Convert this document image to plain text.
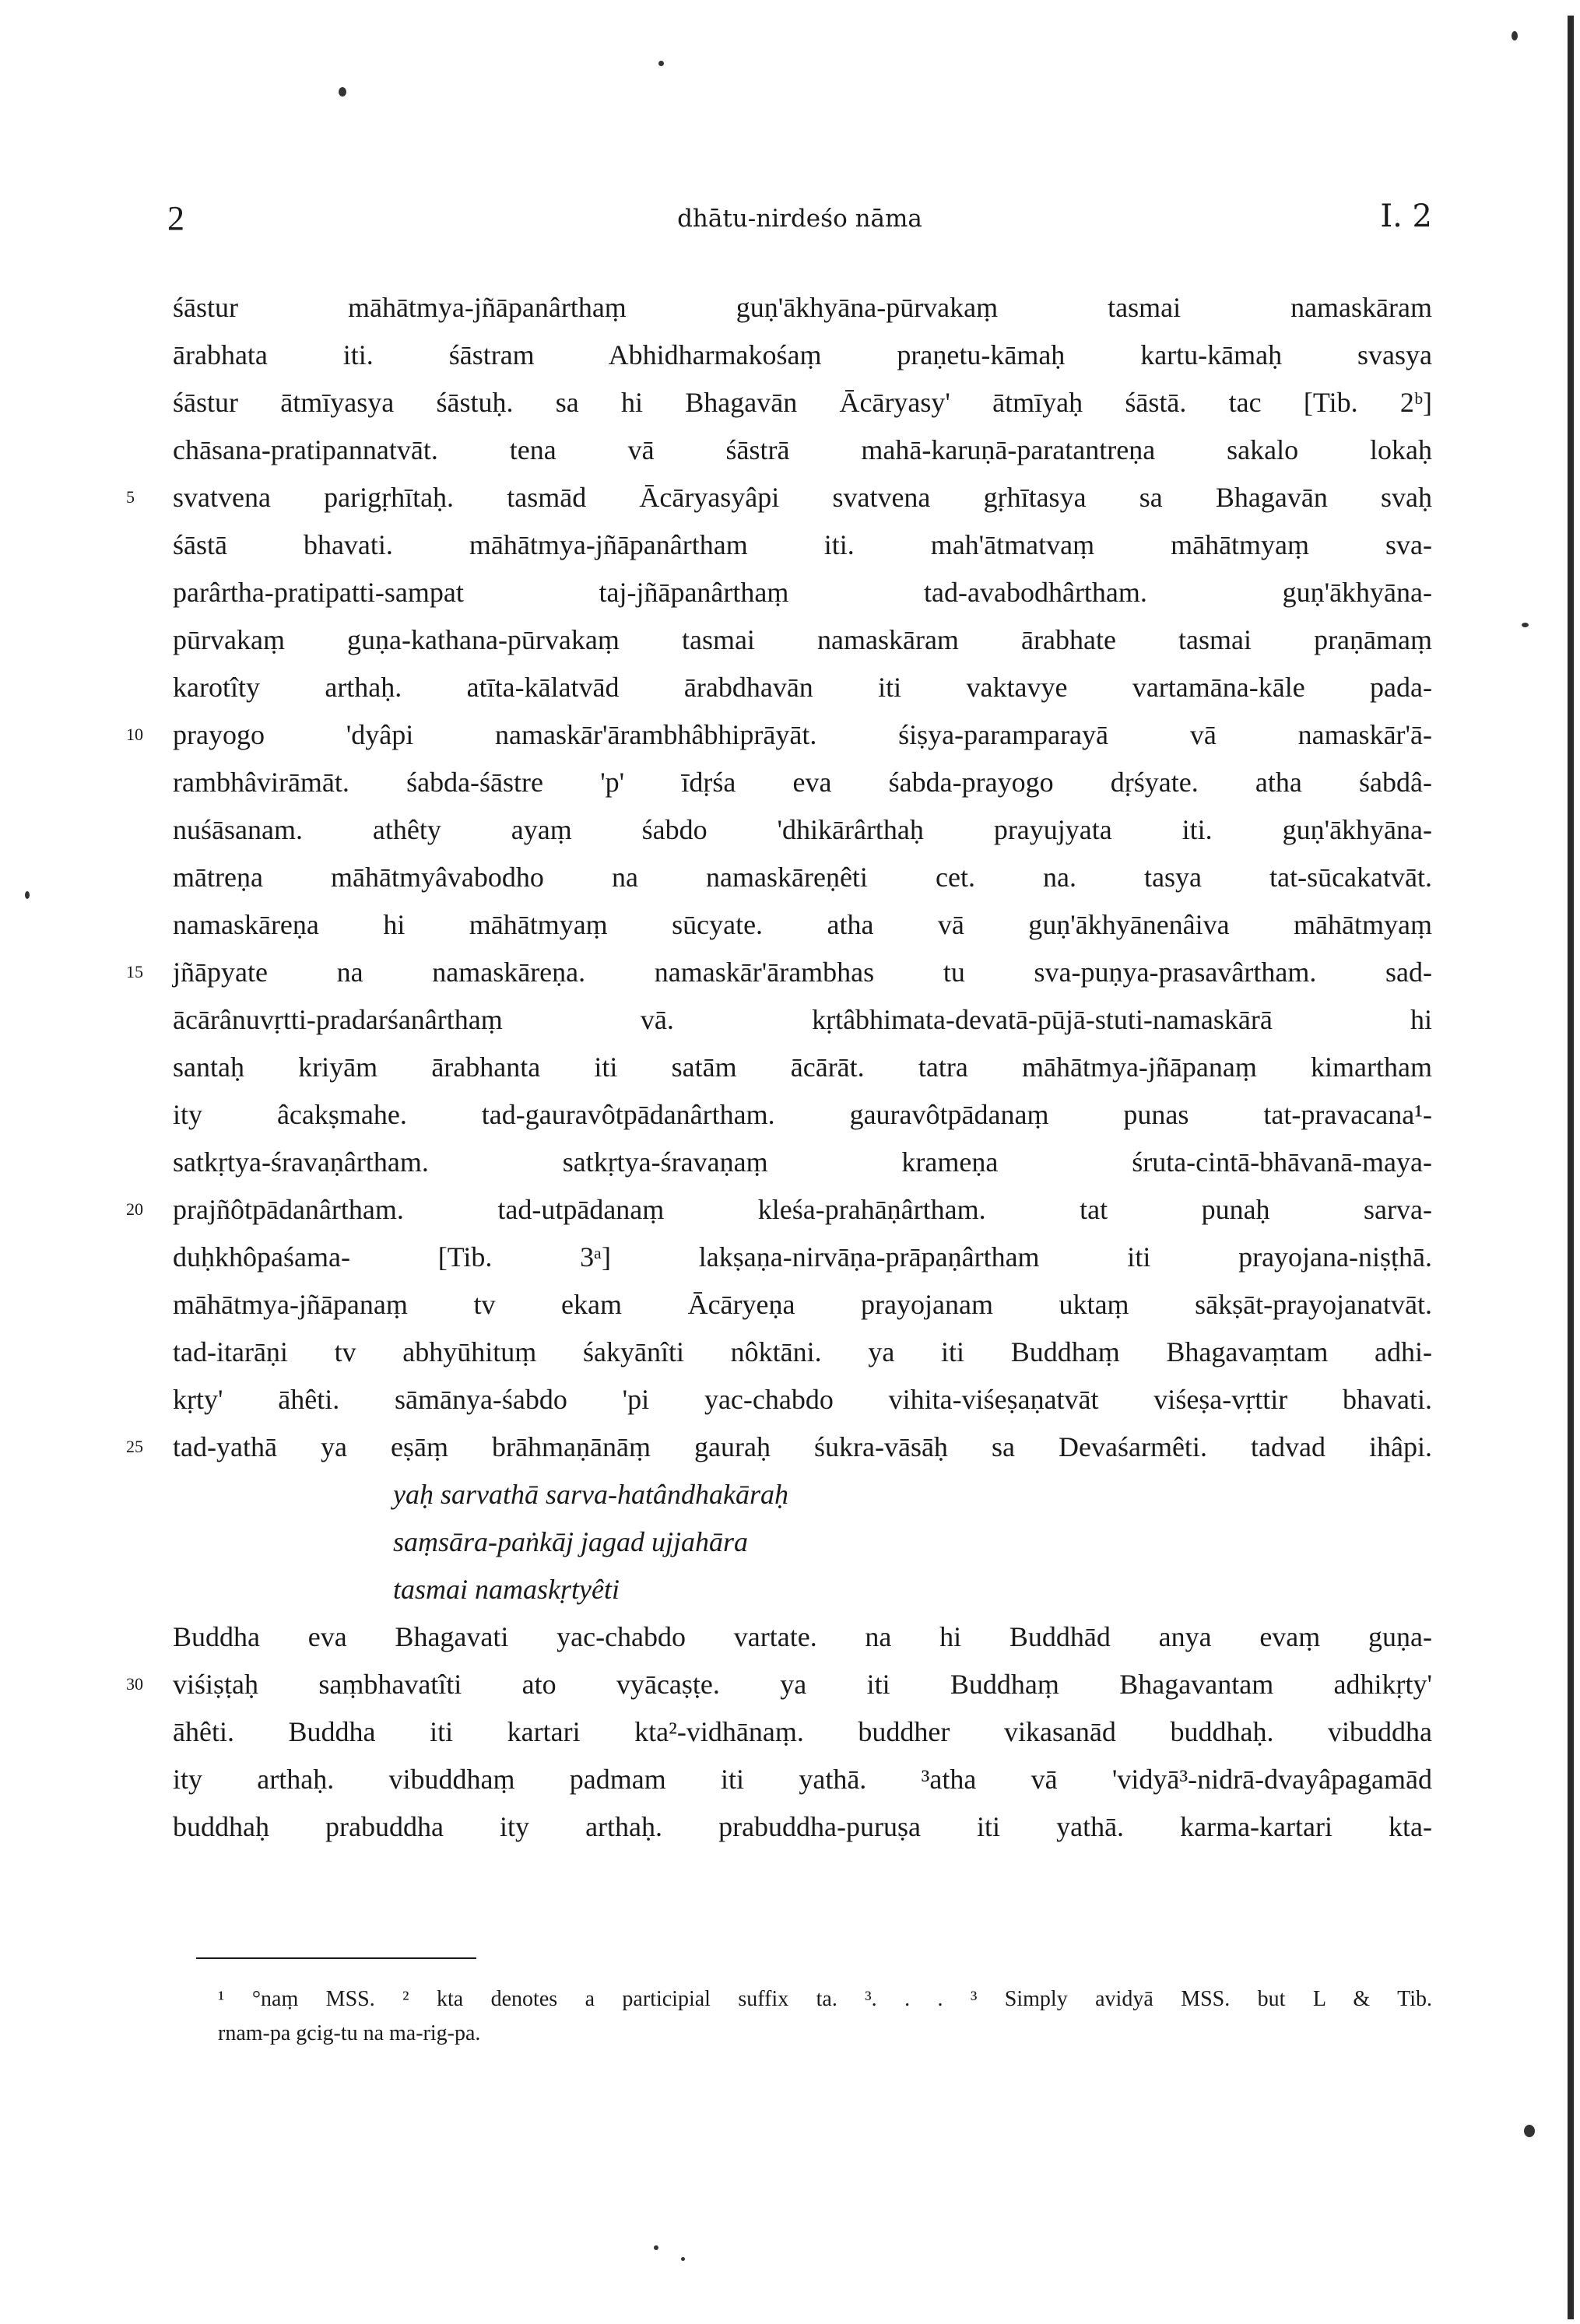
2	dhātu-nirdeśo nāma	I. 2
śāstur māhātmya-jñāpanârthaṃ guṇ'ākhyāna-pūrvakaṃ tasmai namaskāram
ārabhata iti. śāstram Abhidharmakośaṃ praṇetu-kāmaḥ kartu-kāmaḥ svasya
śāstur ātmīyasya śāstuḥ. sa hi Bhagavān Ācāryasy' ātmīyaḥ śāstā. tac [Tib. 2ᵇ]
chāsana-pratipannatvāt. tena vā śāstrā mahā-karuṇā-paratantreṇa sakalo lokaḥ
5	svatvena parigṛhītaḥ. tasmād Ācāryasyâpi svatvena gṛhītasya sa Bhagavān svaḥ
śāstā bhavati. māhātmya-jñāpanârtham iti. mah'ātmatvaṃ māhātmyaṃ sva-
parârtha-pratipatti-sampat taj-jñāpanârthaṃ tad-avabodhârtham. guṇ'ākhyāna-
pūrvakaṃ guṇa-kathana-pūrvakaṃ tasmai namaskāram ārabhate tasmai praṇāmaṃ
karotîty arthaḥ. atīta-kālatvād ārabdhavān iti vaktavye vartamāna-kāle pada-
10	prayogo 'dyâpi namaskār'ārambhâbhiprāyāt. śiṣya-paramparayā vā namaskār'ā-
rambhâvirāmāt. śabda-śāstre 'p' īdṛśa eva śabda-prayogo dṛśyate. atha śabdâ-
nuśāsanam. athêty ayaṃ śabdo 'dhikārârthaḥ prayujyata iti. guṇ'ākhyāna-
mātreṇa māhātmyâvabodho na namaskāreṇêti cet. na. tasya tat-sūcakatvāt.
namaskāreṇa hi māhātmyaṃ sūcyate. atha vā guṇ'ākhyānenâiva māhātmyaṃ
15	jñāpyate na namaskāreṇa. namaskār'ārambhas tu sva-puṇya-prasavârtham. sad-
ācārânuvṛtti-pradarśanârthaṃ vā. kṛtâbhimata-devatā-pūjā-stuti-namaskārā hi
santaḥ kriyām ārabhanta iti satām ācārāt. tatra māhātmya-jñāpanaṃ kimartham
ity âcakṣmahe. tad-gauravôtpādanârtham. gauravôtpādanaṃ punas tat-pravacana¹-
satkṛtya-śravaṇârtham. satkṛtya-śravaṇaṃ krameṇa śruta-cintā-bhāvanā-maya-
20	prajñôtpādanârtham. tad-utpādanaṃ kleśa-prahāṇârtham. tat punaḥ sarva-
duḥkhôpaśama- [Tib. 3ᵃ] lakṣaṇa-nirvāṇa-prāpaṇârtham iti prayojana-niṣṭhā.
māhātmya-jñāpanaṃ tv ekam Ācāryeṇa prayojanam uktaṃ sākṣāt-prayojanatvāt.
tad-itarāṇi tv abhyūhituṃ śakyānîti nôktāni. ya iti Buddhaṃ Bhagavaṃtam adhi-
kṛty' āhêti. sāmānya-śabdo 'pi yac-chabdo vihita-viśeṣaṇatvāt viśeṣa-vṛttir bhavati.
25	tad-yathā ya eṣāṃ brāhmaṇānāṃ gauraḥ śukra-vāsāḥ sa Devaśarmêti. tadvad ihâpi.
yaḥ sarvathā sarva-hatândhakāraḥ
saṃsāra-paṅkāj jagad ujjahāra
tasmai namaskṛtyêti
Buddha eva Bhagavati yac-chabdo vartate. na hi Buddhād anya evaṃ guṇa-
30	viśiṣṭaḥ saṃbhavatîti ato vyācaṣṭe. ya iti Buddhaṃ Bhagavantam adhikṛty'
āhêti. Buddha iti kartari kta²-vidhānaṃ. buddher vikasanād buddhaḥ. vibuddha
ity arthaḥ. vibuddhaṃ padmam iti yathā. ³atha vā 'vidyā³-nidrā-dvayâpagamād
buddhaḥ prabuddha ity arthaḥ. prabuddha-puruṣa iti yathā. karma-kartari kta-
¹ °naṃ MSS. ² kta denotes a participial suffix ta. ³. . . ³ Simply avidyā MSS. but L & Tib.
rnam-pa gcig-tu na ma-rig-pa.
